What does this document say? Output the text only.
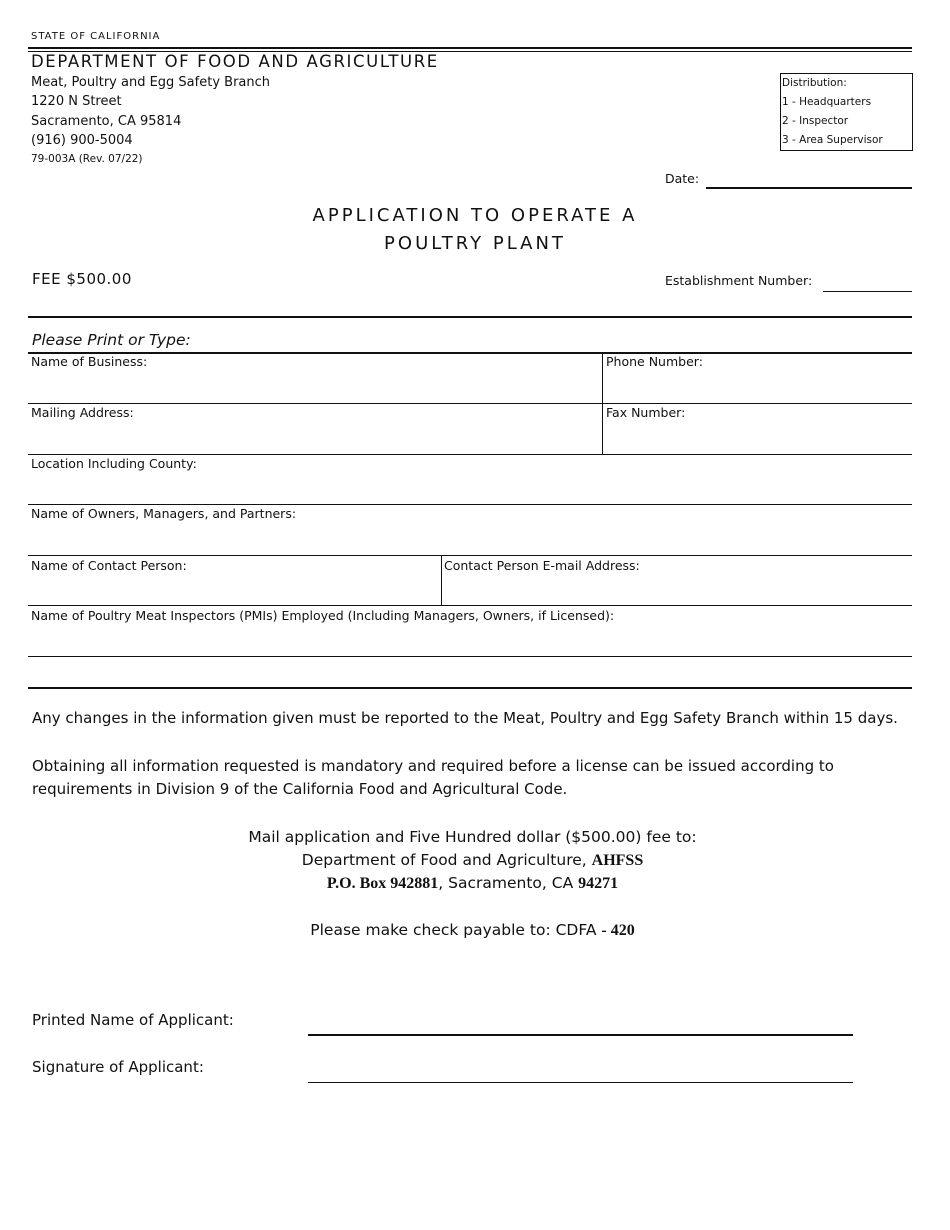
STATE OF CALIFORNIA
DEPARTMENT OF FOOD AND AGRICULTURE
Meat, Poultry and Egg Safety Branch
1220 N Street
Sacramento, CA 95814
(916) 900-5004
79-003A (Rev. 07/22)
Distribution:
1 - Headquarters
2 - Inspector
3 - Area Supervisor
Date:
APPLICATION TO OPERATE A
POULTRY PLANT
FEE $500.00	Establishment Number:
Please Print or Type:
Name of Business:	Phone Number:
Mailing Address:	Fax Number:
Location Including County:
Name of Owners, Managers, and Partners:
Name of Contact Person:	Contact Person E-mail Address:
Name of Poultry Meat Inspectors (PMIs) Employed (Including Managers, Owners, if Licensed):
Any changes in the information given must be reported to the Meat, Poultry and Egg Safety Branch within 15 days.
Obtaining all information requested is mandatory and required before a license can be issued according to
requirements in Division 9 of the California Food and Agricultural Code.
Mail application and Five Hundred dollar ($500.00) fee to:
Department of Food and Agriculture, AHFSS
P.O. Box 942881, Sacramento, CA 94271
Please make check payable to: CDFA - 420
Printed Name of Applicant:
Signature of Applicant:
